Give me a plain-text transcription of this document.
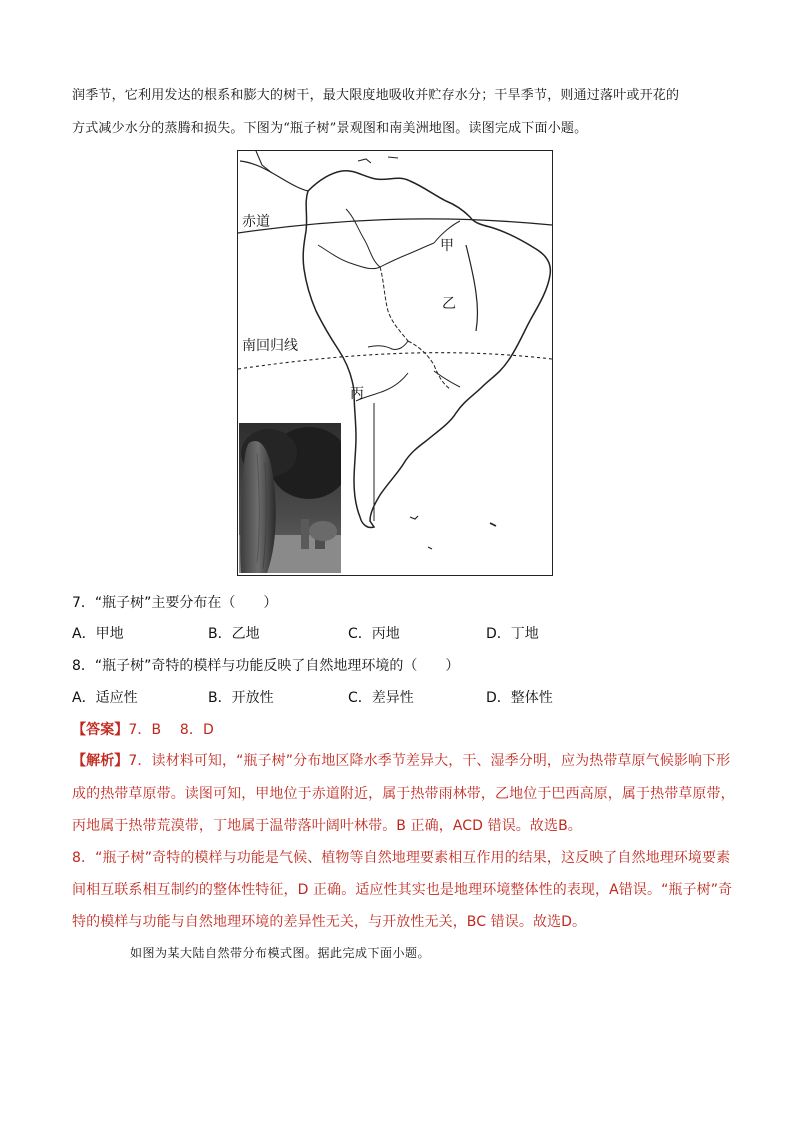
润季节，它利用发达的根系和膨大的树干，最大限度地吸收并贮存水分；干旱季节，则通过落叶或开花的
方式减少水分的蒸腾和损失。下图为“瓶子树”景观图和南美洲地图。读图完成下面小题。
赤道
南回归线
甲
乙
丙
7．“瓶子树”主要分布在（　　）
A．甲地	B．乙地	C．丙地	D．丁地
8．“瓶子树”奇特的模样与功能反映了自然地理环境的（　　）
A．适应性	B．开放性	C．差异性	D．整体性
【答案】7．B　 8．D
【解析】7．读材料可知，“瓶子树”分布地区降水季节差异大，干、湿季分明，应为热带草原气候影响下形
成的热带草原带。读图可知，甲地位于赤道附近，属于热带雨林带，乙地位于巴西高原，属于热带草原带，
丙地属于热带荒漠带，丁地属于温带落叶阔叶林带。B 正确，ACD 错误。故选B。
8．“瓶子树”奇特的模样与功能是气候、植物等自然地理要素相互作用的结果，这反映了自然地理环境要素
间相互联系相互制约的整体性特征，D 正确。适应性其实也是地理环境整体性的表现，A错误。“瓶子树”奇
特的模样与功能与自然地理环境的差异性无关，与开放性无关，BC 错误。故选D。
如图为某大陆自然带分布模式图。据此完成下面小题。
